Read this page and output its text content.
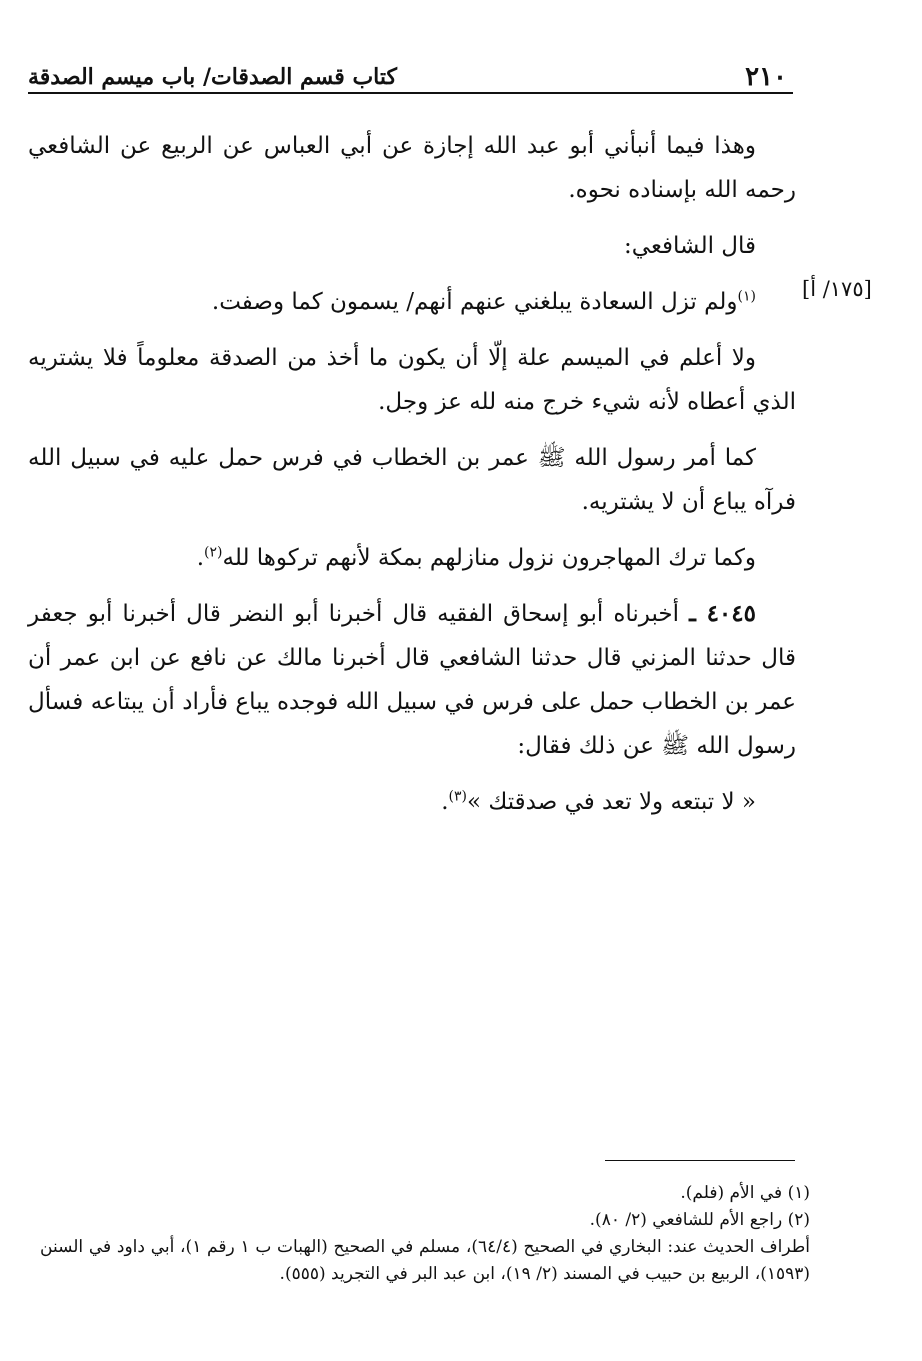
٢١٠
كتاب قسم الصدقات/ باب ميسم الصدقة
[١٧٥/ أ]

وهذا فيما أنبأني أبو عبد الله إجازة عن أبي العباس عن الربيع عن الشافعي رحمه الله بإسناده نحوه.

قال الشافعي:

$^{(١)}$ولم تزل السعادة يبلغني عنهم أنهم/ يسمون كما وصفت.

ولا أعلم في الميسم علة إلّا أن يكون ما أخذ من الصدقة معلوماً فلا يشتريه الذي أعطاه لأنه شيء خرج منه لله عز وجل.

كما أمر رسول الله ﷺ عمر بن الخطاب في فرس حمل عليه في سبيل الله فرآه يباع أن لا يشتريه.

وكما ترك المهاجرون نزول منازلهم بمكة لأنهم تركوها لله$^{(٢)}$.

٤٠٤٥ ـ أخبرناه أبو إسحاق الفقيه قال أخبرنا أبو النضر قال أخبرنا أبو جعفر قال حدثنا المزني قال حدثنا الشافعي قال أخبرنا مالك عن نافع عن ابن عمر أن عمر بن الخطاب حمل على فرس في سبيل الله فوجده يباع فأراد أن يبتاعه فسأل رسول الله ﷺ عن ذلك فقال:

« لا تبتعه ولا تعد في صدقتك »$^{(٣)}$.

(١) في الأم (فلم).

(٢) راجع الأم للشافعي (٢/ ٨٠).

أطراف الحديث عند: البخاري في الصحيح (٦٤/٤)، مسلم في الصحيح (الهبات ب ١ رقم ١)، أبي داود في السنن (١٥٩٣)، الربيع بن حبيب في المسند (٢/ ١٩)، ابن عبد البر في التجريد (٥٥٥).
